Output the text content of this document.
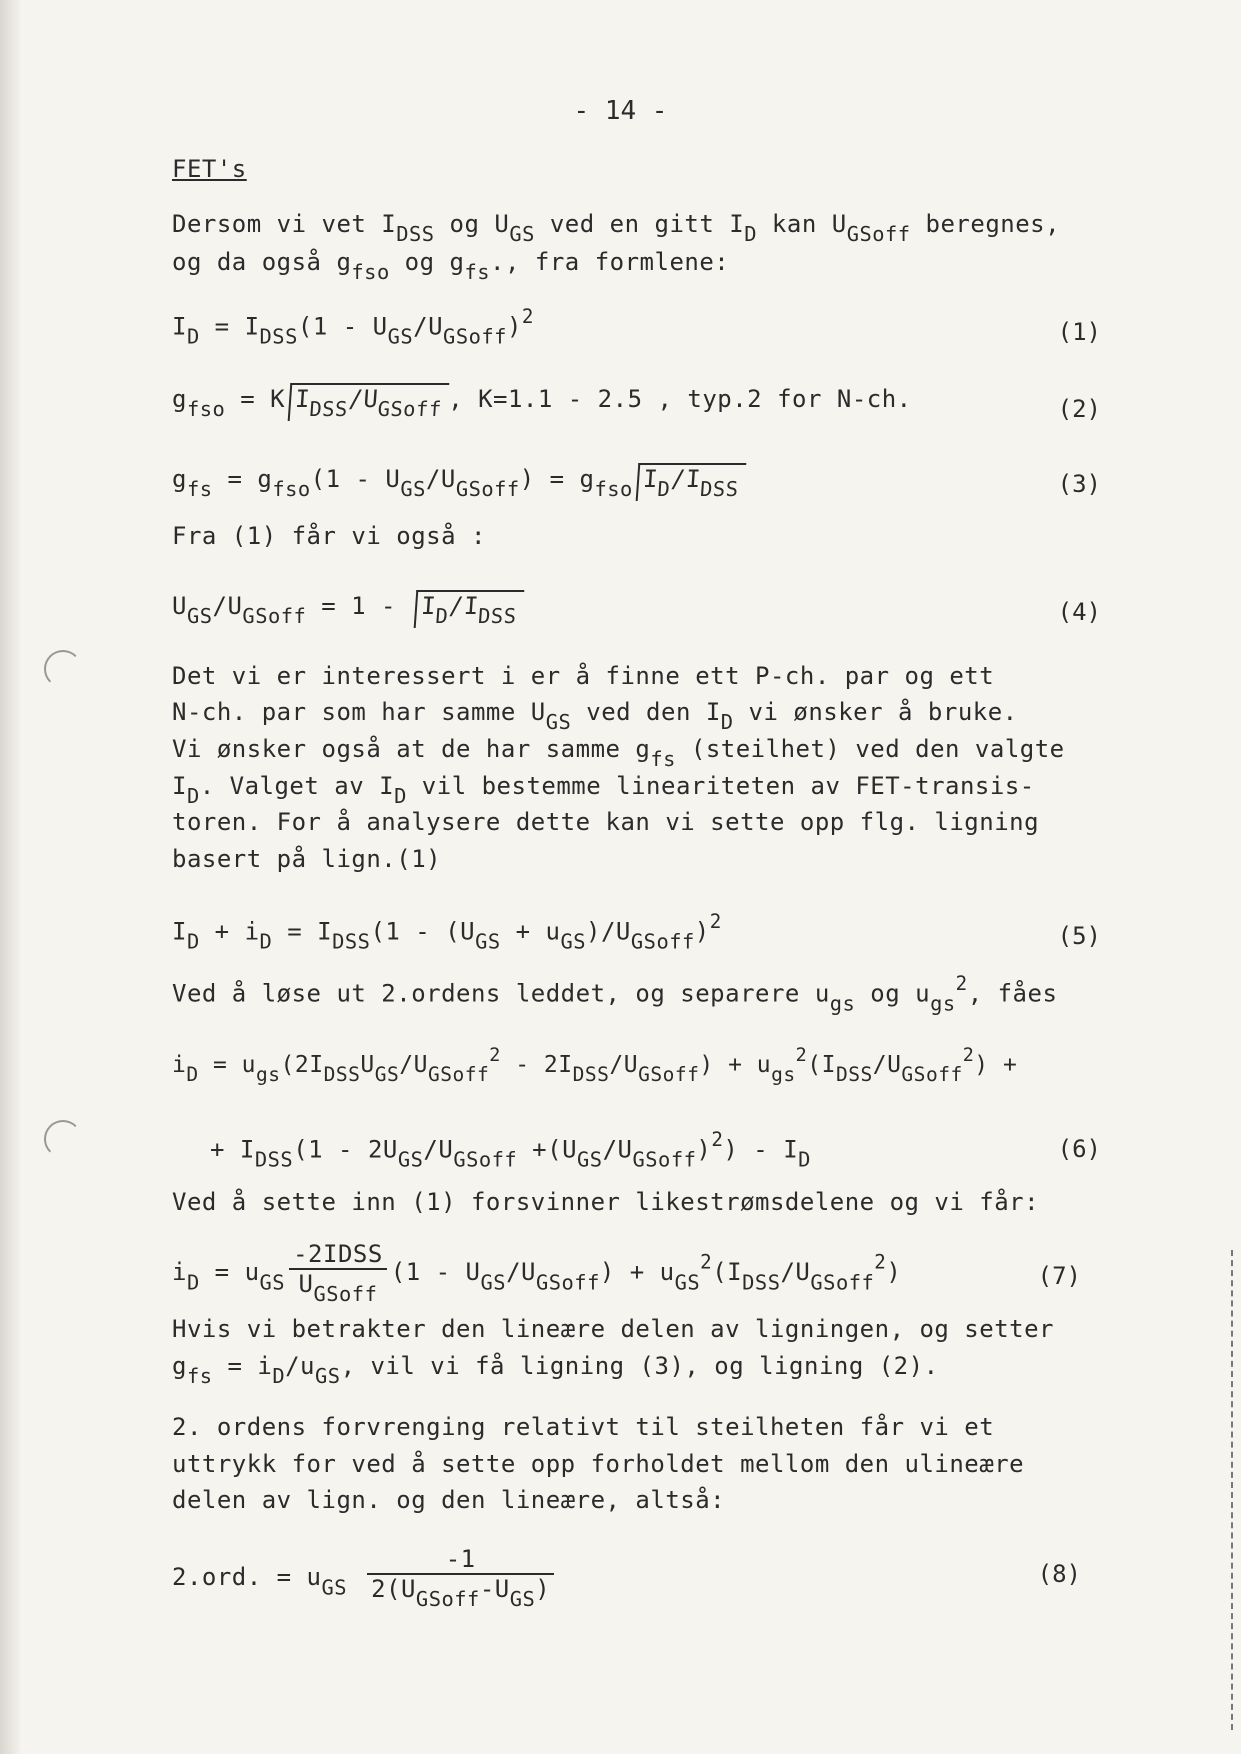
- 14 -
FET's
Dersom vi vet $I_{DSS}$ og $U_{GS}$ ved en gitt $I_D$ kan $U_{GSoff}$ beregnes,
og da også $g_{fso}$ og $g_{fs}$., fra formlene:
$I_D = I_{DSS}(1 - U_{GS}/U_{GSoff})^2$
(1)
$g_{fso} = K$ $I_{DSS}/U_{GSoff}$ , K=1.1 - 2.5 , typ.2 for N-ch.	(2)
$g_{fs} = g_{fso}(1 - U_{GS}/U_{GSoff}) = g_{fso}$ $I_D/I_{DSS}$	(3)
Fra (1) får vi også :
$U_{GS}/U_{GSoff} = 1 - I_D/I_{DSS}$	(4)
Det vi er interessert i er å finne ett P-ch. par og ett
N-ch. par som har samme $U_{GS}$ ved den $I_D$ vi ønsker å bruke.
Vi ønsker også at de har samme $g_{fs}$ (steilhet) ved den valgte
$I_D$. Valget av $I_D$ vil bestemme lineariteten av FET-transis-
toren. For å analysere dette kan vi sette opp flg. ligning
basert på lign.(1)
$I_D + i_D = I_{DSS}(1 - (U_{GS} + u_{GS})/U_{GSoff})^2$
(5)
Ved å løse ut 2.ordens leddet, og separere $u_{gs}$ og $u_{gs}^2$, fåes
$i_D = u_{gs}(2I_{DSS}U_{GS}/U_{GSoff}^2 - 2I_{DSS}/U_{GSoff}) + u_{gs}^2(I_{DSS}/U_{GSoff}^2)$ +
+ $I_{DSS}(1 - 2U_{GS}/U_{GSoff} +(U_{GS}/U_{GSoff})^2) - I_D$	(6)
Ved å sette inn (1) forsvinner likestrømsdelene og vi får:
$i_D = u_{GS} \frac{\text{-2IDSS}}{U_{GSoff}} (1 - U_{GS}/U_{GSoff}) + u_{GS}^2(I_{DSS}/U_{GSoff}^2)$	(7)
Hvis vi betrakter den lineære delen av ligningen, og setter
$g_{fs} = i_D/u_{GS}$, vil vi få ligning (3), og ligning (2).
2. ordens forvrenging relativt til steilheten får vi et
uttrykk for ved å sette opp forholdet mellom den ulineære
delen av lign. og den lineære, altså:
2.ord. = $u_{GS} \frac{-1}{2(U_{GSoff}-U_{GS})}$	(8)
